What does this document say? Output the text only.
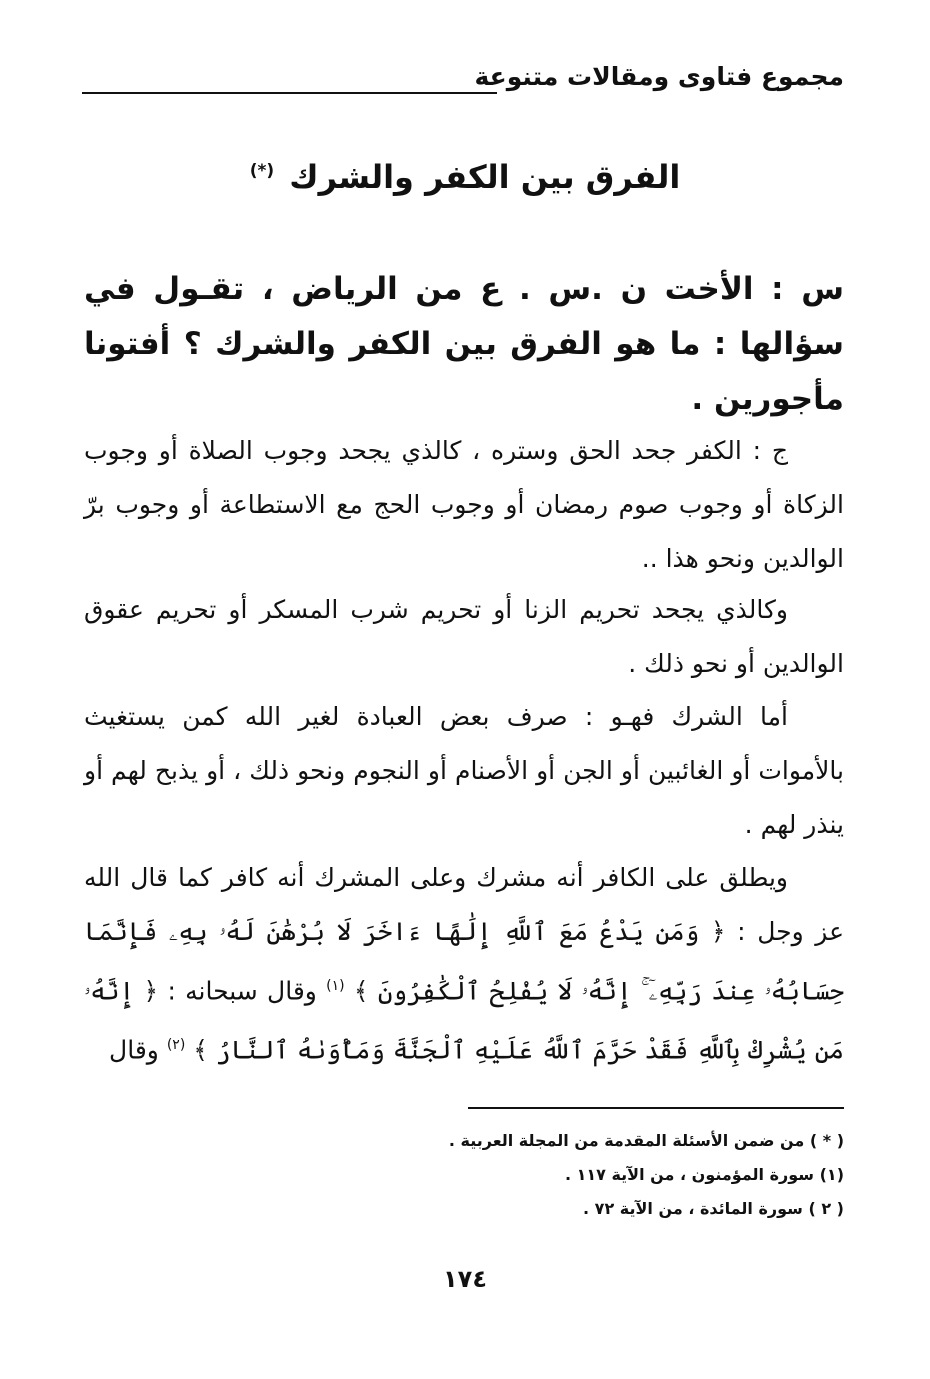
مجموع فتاوى ومقالات متنوعة
الفرق بين الكفر والشرك (*)
س : الأخت ن .س . ع من الرياض ، تقـول في سؤالها : ما هو الفرق بين الكفر والشرك ؟ أفتونا مأجورين .
ج : الكفر جحد الحق وستره ، كالذي يجحد وجوب الصلاة أو وجوب الزكاة أو وجوب صوم رمضان أو وجوب الحج مع الاستطاعة أو وجوب برّ الوالدين ونحو هذا ..
وكالذي يجحد تحريم الزنا أو تحريم شرب المسكر أو تحريم عقوق الوالدين أو نحو ذلك .
أما الشرك فهـو : صرف بعض العبادة لغير الله كمن يستغيث بالأموات أو الغائبين أو الجن أو الأصنام أو النجوم ونحو ذلك ، أو يذبح لهم أو ينذر لهم .
ويطلق على الكافر أنه مشرك وعلى المشرك أنه كافر كما قال الله عز وجل : ﴿ وَمَن يَدْعُ مَعَ ٱللَّهِ إِلَٰهًا ءَاخَرَ لَا بُرْهَٰنَ لَهُۥ بِهِۦ فَإِنَّمَا حِسَابُهُۥ عِندَ رَبِّهِۦٓ ۚ إِنَّهُۥ لَا يُفْلِحُ ٱلْكَٰفِرُونَ ﴾ $^{(١)}$ وقال سبحانه : ﴿ إِنَّهُۥ مَن يُشْرِكْ بِٱللَّهِ فَقَدْ حَرَّمَ ٱللَّهُ عَلَيْهِ ٱلْجَنَّةَ وَمَأْوَىٰهُ ٱلنَّارُ ﴾ $^{(٢)}$ وقال
( * ) من ضمن الأسئلة المقدمة من المجلة العربية .
(١) سورة المؤمنون ، من الآية ١١٧ .
( ٢ ) سورة المائدة ، من الآية ٧٢ .
١٧٤
